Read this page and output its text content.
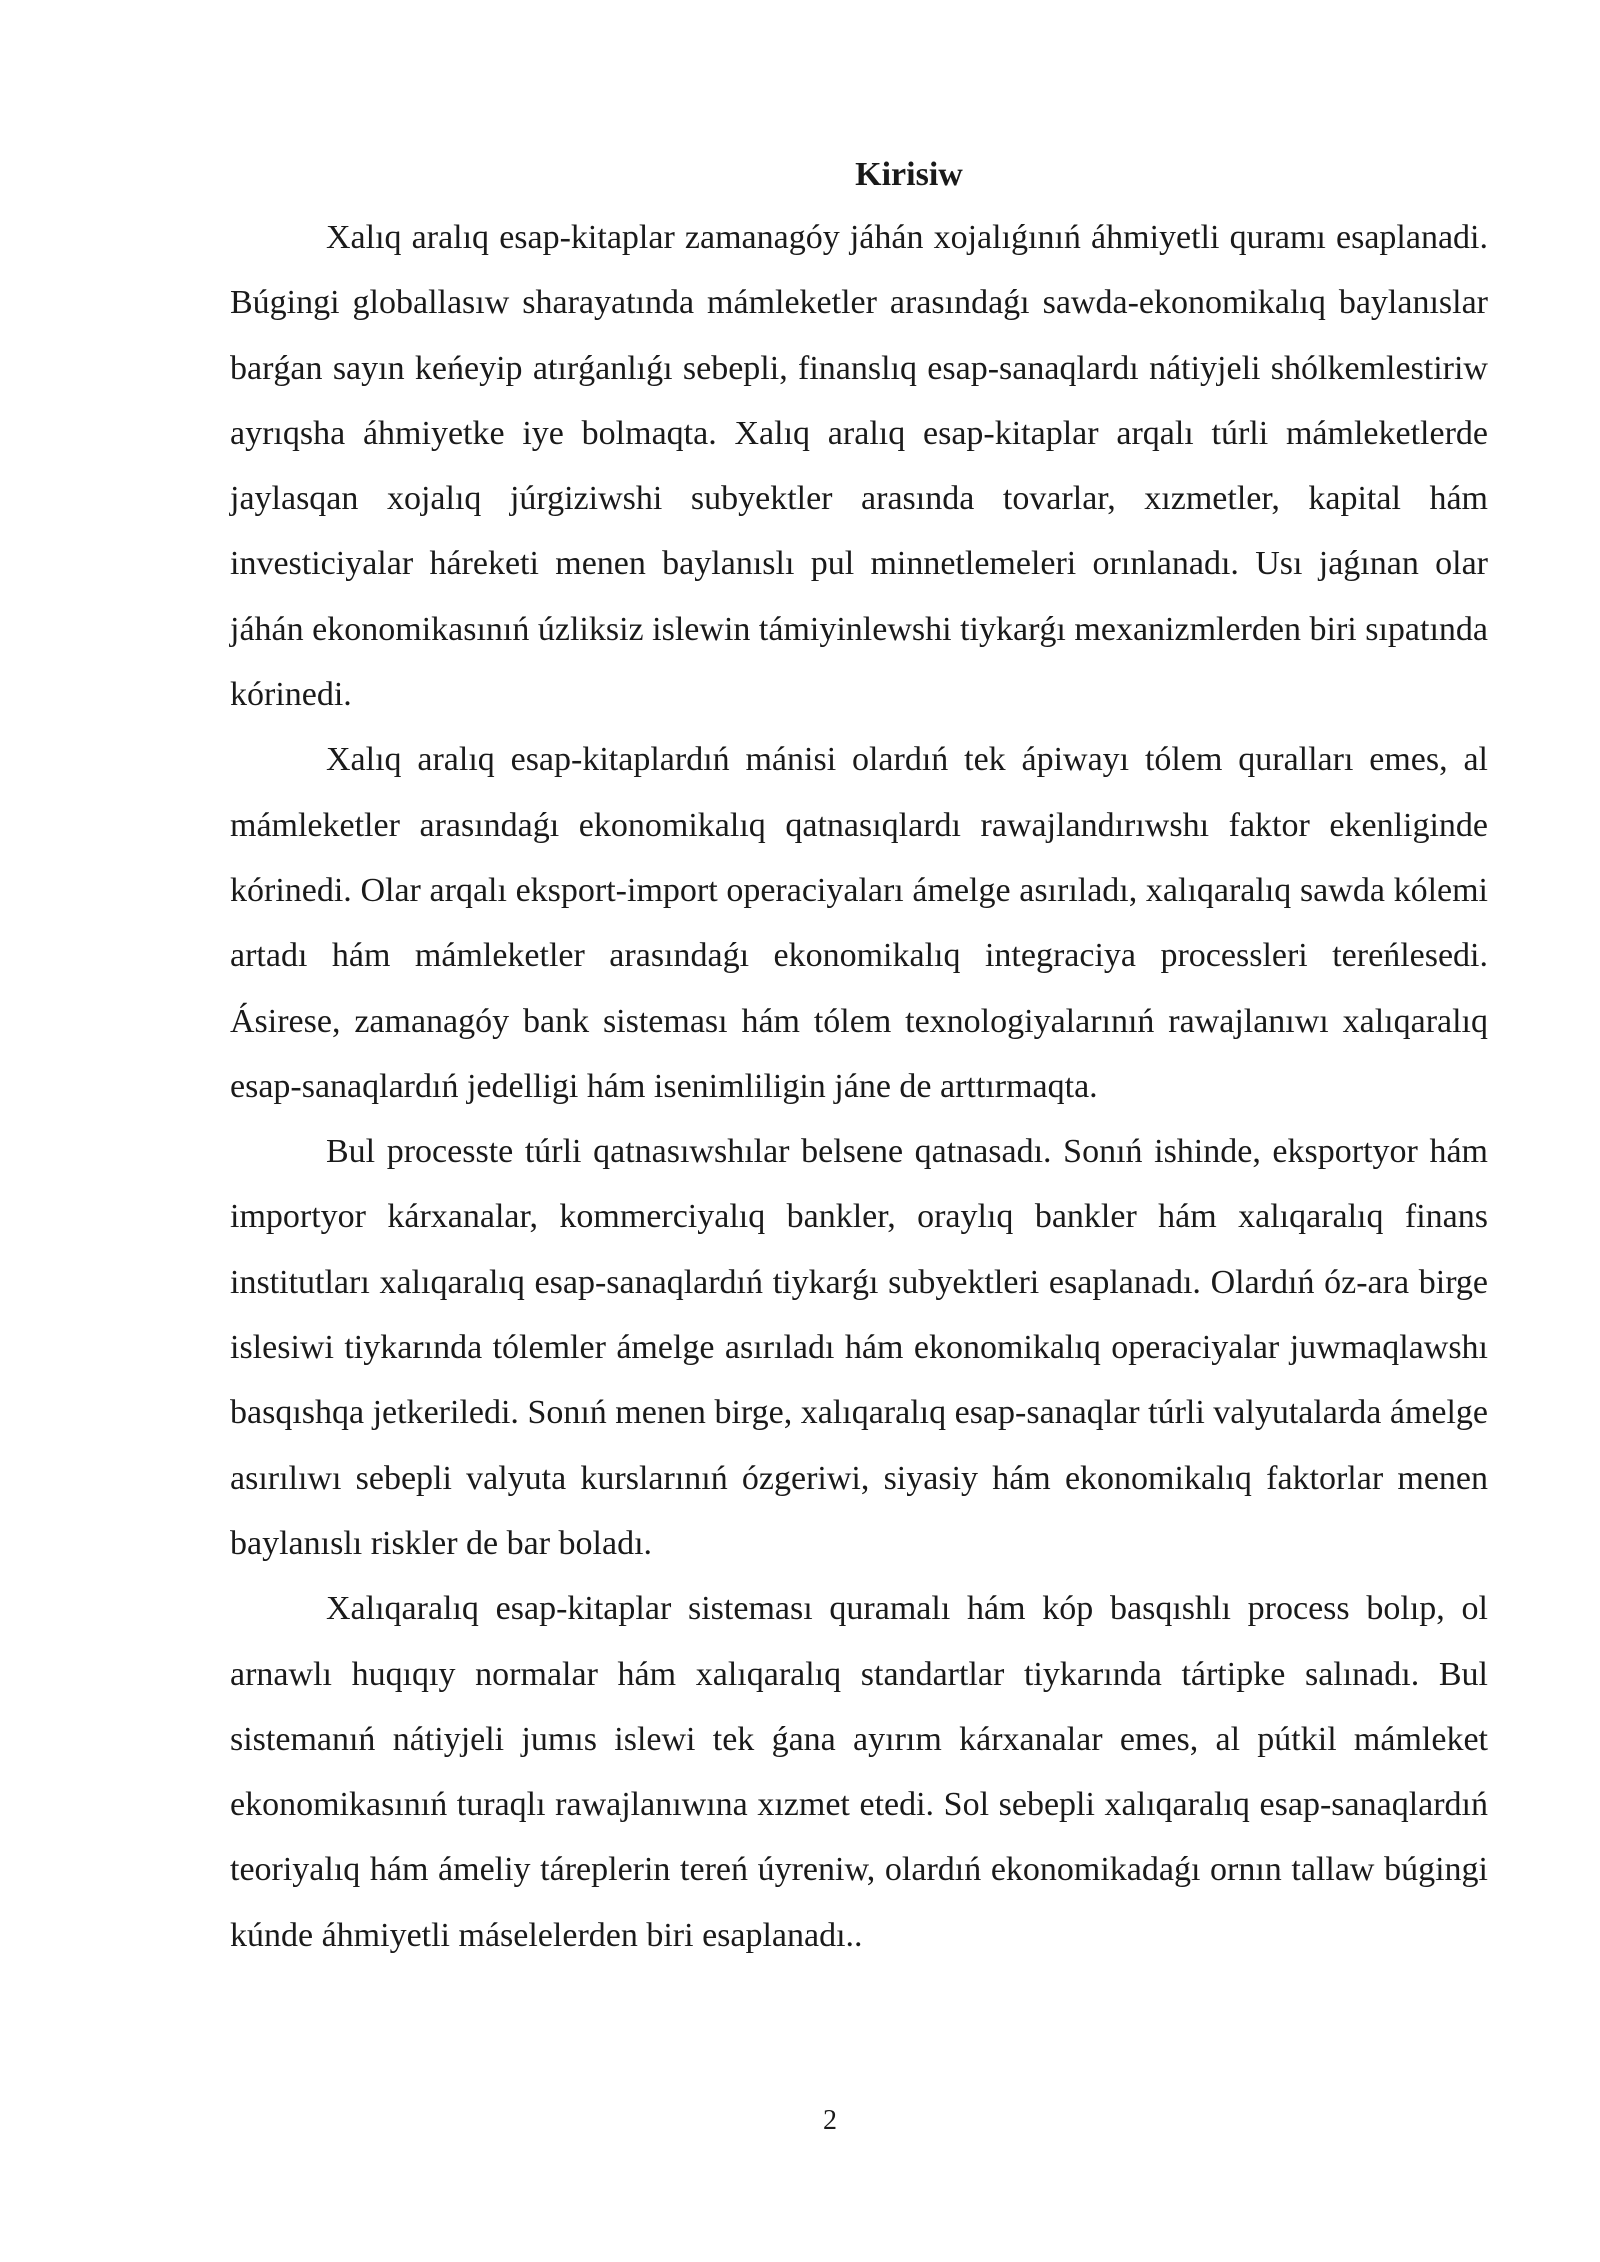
Kirisiw

Xalıq aralıq esap-kitaplar zamanagóy jáhán xojalıǵınıń áhmiyetli quramı esaplanadi. Búgingi globallasıw sharayatında mámleketler arasındaǵı sawda-ekonomikalıq baylanıslar barǵan sayın keńeyip atırǵanlıǵı sebepli, finanslıq esap-sanaqlardı nátiyjeli shólkemlestiriw ayrıqsha áhmiyetke iye bolmaqta. Xalıq aralıq esap-kitaplar arqalı túrli mámleketlerde jaylasqan xojalıq júrgiziwshi subyektler arasında tovarlar, xızmetler, kapital hám investiciyalar háreketi menen baylanıslı pul minnetlemeleri orınlanadı. Usı jaǵınan olar jáhán ekonomikasınıń úzliksiz islewin támiyinlewshi tiykarǵı mexanizmlerden biri sıpatında kórinedi.

Xalıq aralıq esap-kitaplardıń mánisi olardıń tek ápiwayı tólem quralları emes, al mámleketler arasındaǵı ekonomikalıq qatnasıqlardı rawajlandırıwshı faktor ekenliginde kórinedi. Olar arqalı eksport-import operaciyaları ámelge asırıladı, xalıqaralıq sawda kólemi artadı hám mámleketler arasındaǵı ekonomikalıq integraciya processleri tereńlesedi. Ásirese, zamanagóy bank sisteması hám tólem texnologiyalarınıń rawajlanıwı xalıqaralıq esap-sanaqlardıń jedelligi hám isenimliligin jáne de arttırmaqta.

Bul processte túrli qatnasıwshılar belsene qatnasadı. Sonıń ishinde, eksportyor hám importyor kárxanalar, kommerciyalıq bankler, oraylıq bankler hám xalıqaralıq finans institutları xalıqaralıq esap-sanaqlardıń tiykarǵı subyektleri esaplanadı. Olardıń óz-ara birge islesiwi tiykarında tólemler ámelge asırıladı hám ekonomikalıq operaciyalar juwmaqlawshı basqıshqa jetkeriledi. Sonıń menen birge, xalıqaralıq esap-sanaqlar túrli valyutalarda ámelge asırılıwı sebepli valyuta kurslarınıń ózgeriwi, siyasiy hám ekonomikalıq faktorlar menen baylanıslı riskler de bar boladı.

Xalıqaralıq esap-kitaplar sisteması quramalı hám kóp basqıshlı process bolıp, ol arnawlı huqıqıy normalar hám xalıqaralıq standartlar tiykarında tártipke salınadı. Bul sistemanıń nátiyjeli jumıs islewi tek ǵana ayırım kárxanalar emes, al pútkil mámleket ekonomikasınıń turaqlı rawajlanıwına xızmet etedi. Sol sebepli xalıqaralıq esap-sanaqlardıń teoriyalıq hám ámeliy táreplerin tereń úyreniw, olardıń ekonomikadaǵı ornın tallaw búgingi kúnde áhmiyetli máselelerden biri esaplanadı..

2
